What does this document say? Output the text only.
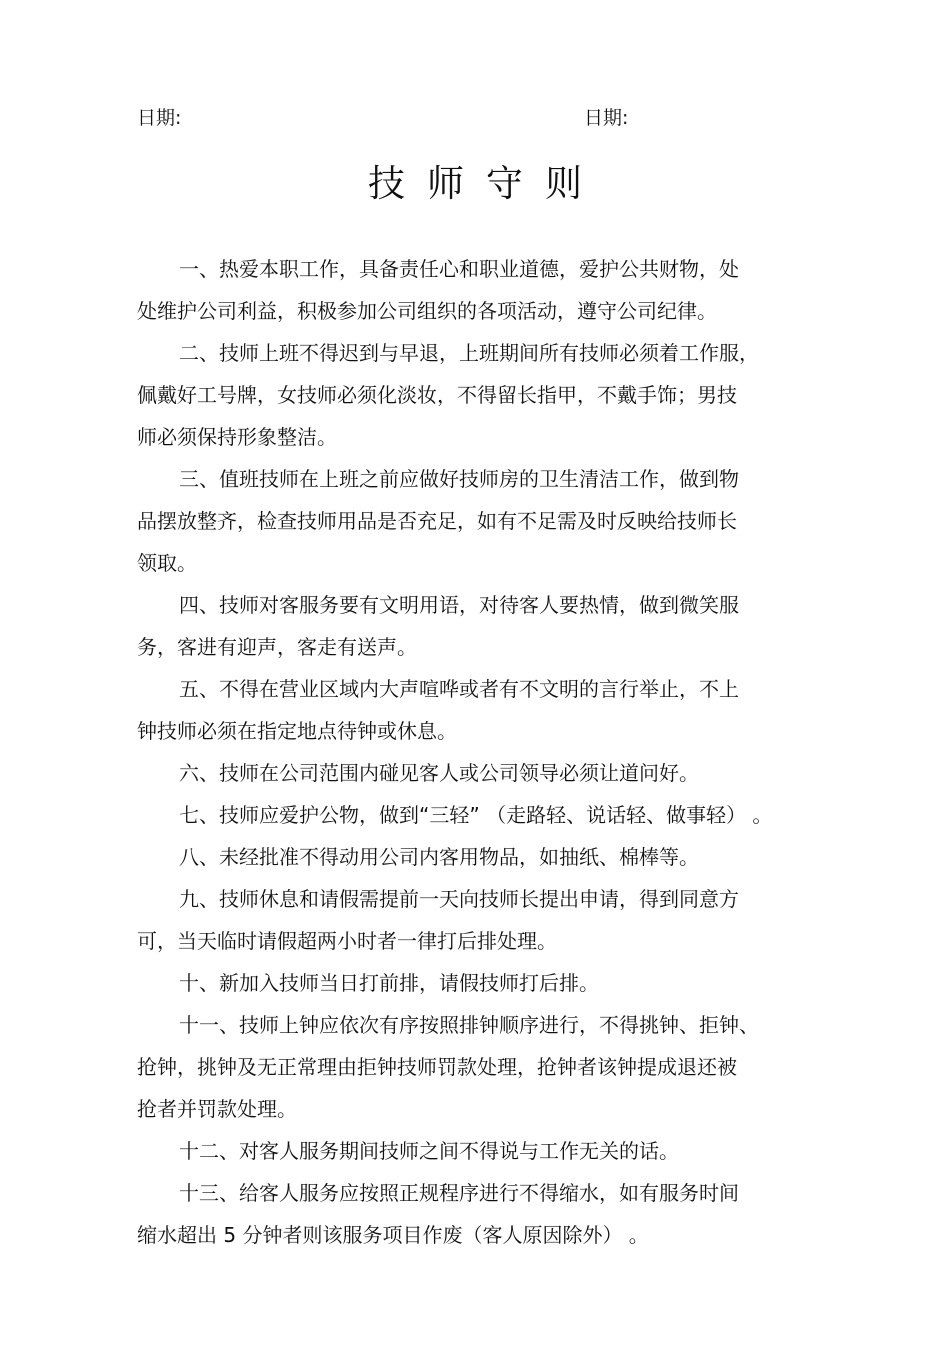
日期:	日期:
技师守则
一、热爱本职工作，具备责任心和职业道德，爱护公共财物，处
处维护公司利益，积极参加公司组织的各项活动，遵守公司纪律。
二、技师上班不得迟到与早退，上班期间所有技师必须着工作服，
佩戴好工号牌，女技师必须化淡妆，不得留长指甲，不戴手饰；男技
师必须保持形象整洁。
三、值班技师在上班之前应做好技师房的卫生清洁工作，做到物
品摆放整齐，检查技师用品是否充足，如有不足需及时反映给技师长
领取。
四、技师对客服务要有文明用语，对待客人要热情，做到微笑服
务，客进有迎声，客走有送声。
五、不得在营业区域内大声喧哗或者有不文明的言行举止，不上
钟技师必须在指定地点待钟或休息。
六、技师在公司范围内碰见客人或公司领导必须让道问好。
七、技师应爱护公物，做到“三轻” （走路轻、说话轻、做事轻） 。
八、未经批准不得动用公司内客用物品，如抽纸、棉棒等。
九、技师休息和请假需提前一天向技师长提出申请，得到同意方
可，当天临时请假超两小时者一律打后排处理。
十、新加入技师当日打前排，请假技师打后排。
十一、技师上钟应依次有序按照排钟顺序进行，不得挑钟、拒钟、
抢钟，挑钟及无正常理由拒钟技师罚款处理，抢钟者该钟提成退还被
抢者并罚款处理。
十二、对客人服务期间技师之间不得说与工作无关的话。
十三、给客人服务应按照正规程序进行不得缩水，如有服务时间
缩水超出 5 分钟者则该服务项目作废（客人原因除外） 。
